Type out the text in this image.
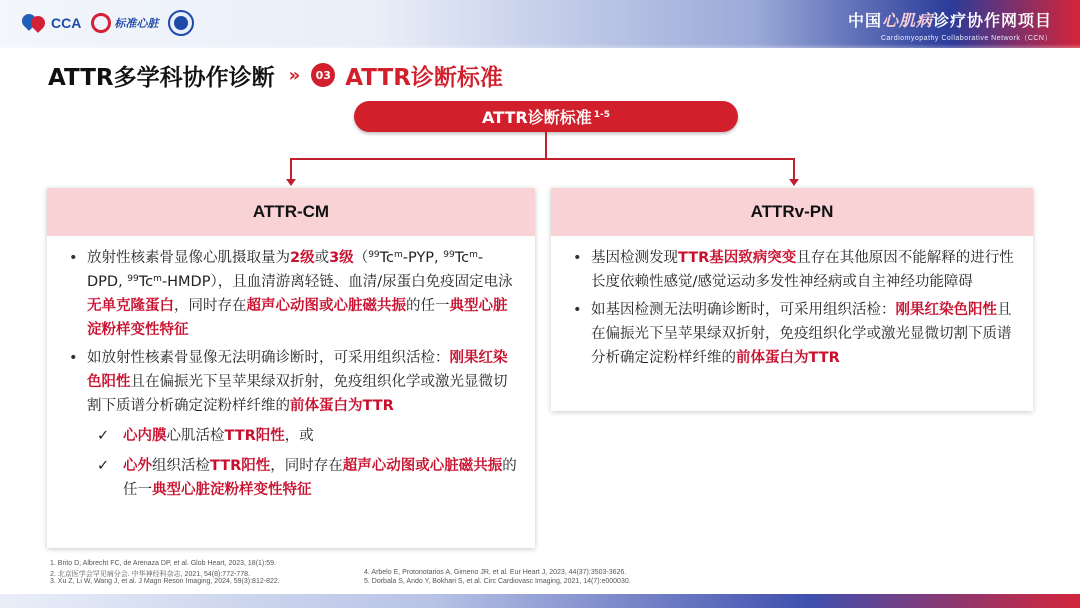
CCA	标准心脏	中国心肌病诊疗协作网项目
Cardiomyopathy Collaborative Network（CCN）
ATTR多学科协作诊断 »	03 ATTR诊断标准
ATTR诊断标准$^{1-5}$
ATTR-CM
• 放射性核素骨显像心肌摄取量为2级或3级（$^{99}$Tc$^m$-PYP, $^{99}$Tc$^m$-DPD, $^{99}$Tc$^m$-HMDP），且血清游离轻链、血清/尿蛋白免疫固定电泳无单克隆蛋白，同时存在超声心动图或心脏磁共振的任一典型心脏淀粉样变性特征
• 如放射性核素骨显像无法明确诊断时，可采用组织活检：刚果红染色阳性且在偏振光下呈苹果绿双折射，免疫组织化学或激光显微切割下质谱分析确定淀粉样纤维的前体蛋白为TTR
✓ 心内膜心肌活检TTR阳性，或
✓ 心外组织活检TTR阳性，同时存在超声心动图或心脏磁共振的任一典型心脏淀粉样变性特征
ATTRv-PN
• 基因检测发现TTR基因致病突变且存在其他原因不能解释的进行性长度依赖性感觉/感觉运动多发性神经病或自主神经功能障碍
• 如基因检测无法明确诊断时，可采用组织活检：刚果红染色阳性且在偏振光下呈苹果绿双折射，免疫组织化学或激光显微切割下质谱分析确定淀粉样纤维的前体蛋白为TTR
1. Brito D, Albrecht FC, de Arenaza DP, et al. Glob Heart, 2023, 18(1):59.
2. 北京医学会罕见病分会. 中华神经科杂志, 2021, 54(8):772-778.
3. Xu Z, Li W, Wang J, et al. J Magn Reson Imaging, 2024, 59(3):812-822.
4. Arbelo E, Protonotarios A, Gimeno JR, et al. Eur Heart J, 2023, 44(37):3503-3626.
5. Dorbala S, Ando Y, Bokhari S, et al. Circ Cardiovasc Imaging, 2021, 14(7):e000030.
